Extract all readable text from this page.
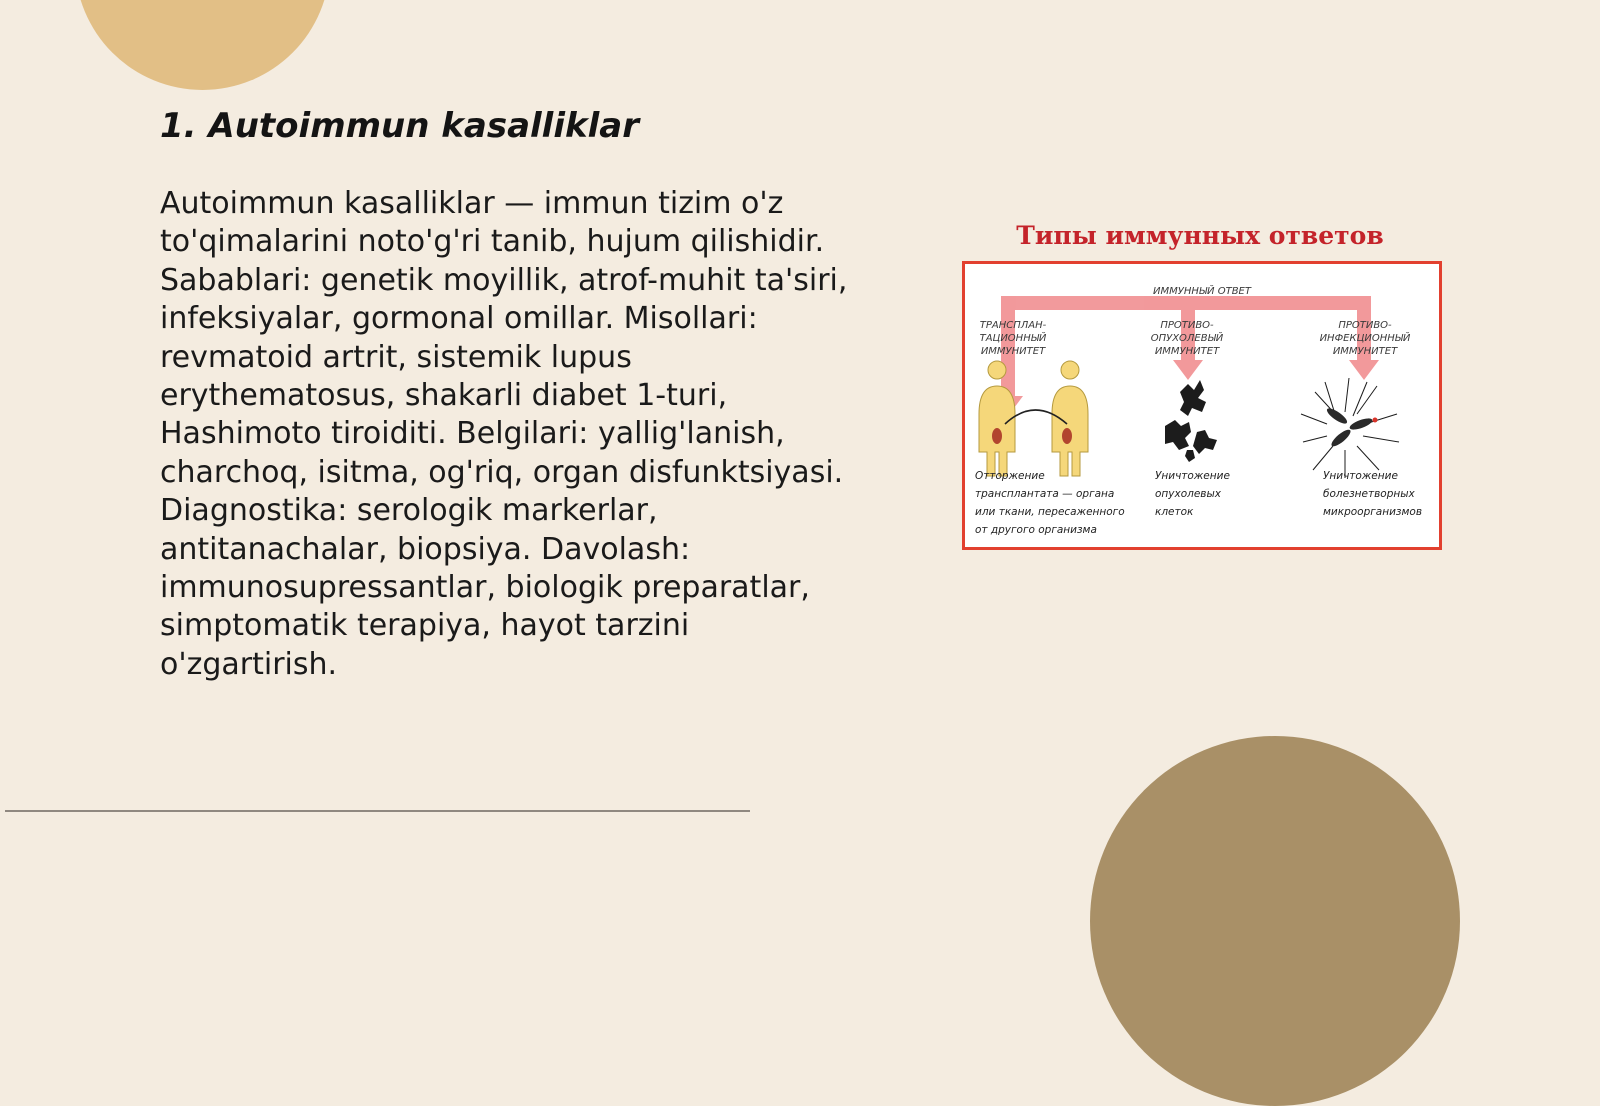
1. Autoimmun kasalliklar

Autoimmun kasalliklar — immun tizim o'z to'qimalarini noto'g'ri tanib, hujum qilishidir. Sabablari: genetik moyillik, atrof-muhit ta'siri, infeksiyalar, gormonal omillar. Misollari: revmatoid artrit, sistemik lupus erythematosus, shakarli diabet 1-turi, Hashimoto tiroiditi. Belgilari: yallig'lanish, charchoq, isitma, og'riq, organ disfunktsiyasi. Diagnostika: serologik markerlar, antitanachalar, biopsiya. Davolash: immunosupressantlar, biologik preparatlar, simptomatik terapiya, hayot tarzini o'zgartirish.

Типы иммунных ответов
ИММУННЫЙ ОТВЕТ
ТРАНСПЛАН-
ТАЦИОННЫЙ
ИММУНИТЕТ
ПРОТИВО-
ОПУХОЛЕВЫЙ
ИММУНИТЕТ
ПРОТИВО-
ИНФЕКЦИОННЫЙ
ИММУНИТЕТ
Отторжение
трансплантата — органа
или ткани, пересаженного
от другого организма
Уничтожение
опухолевых
клеток
Уничтожение
болезнетворных
микроорганизмов
